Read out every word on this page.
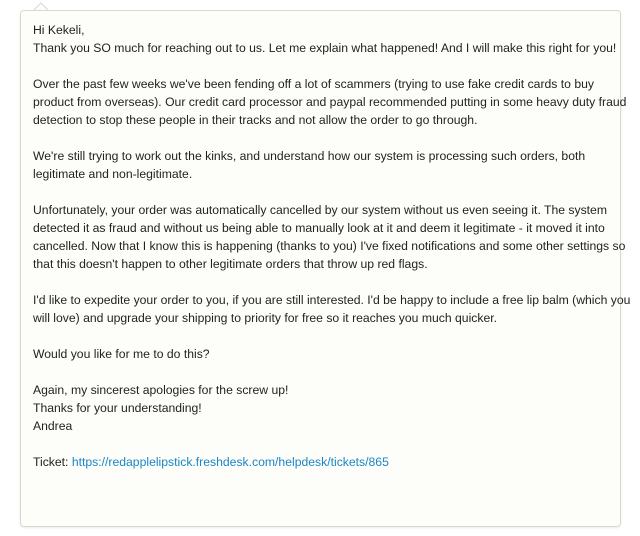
Hi Kekeli,
Thank you SO much for reaching out to us. Let me explain what happened! And I will make this right for you!
Over the past few weeks we've been fending off a lot of scammers (trying to use fake credit cards to buy
product from overseas). Our credit card processor and paypal recommended putting in some heavy duty fraud
detection to stop these people in their tracks and not allow the order to go through.
We're still trying to work out the kinks, and understand how our system is processing such orders, both
legitimate and non-legitimate.
Unfortunately, your order was automatically cancelled by our system without us even seeing it. The system
detected it as fraud and without us being able to manually look at it and deem it legitimate - it moved it into
cancelled. Now that I know this is happening (thanks to you) I've fixed notifications and some other settings so
that this doesn't happen to other legitimate orders that throw up red flags.
I'd like to expedite your order to you, if you are still interested. I'd be happy to include a free lip balm (which you
will love) and upgrade your shipping to priority for free so it reaches you much quicker.
Would you like for me to do this?
Again, my sincerest apologies for the screw up!
Thanks for your understanding!
Andrea
Ticket: https://redapplelipstick.freshdesk.com/helpdesk/tickets/865
